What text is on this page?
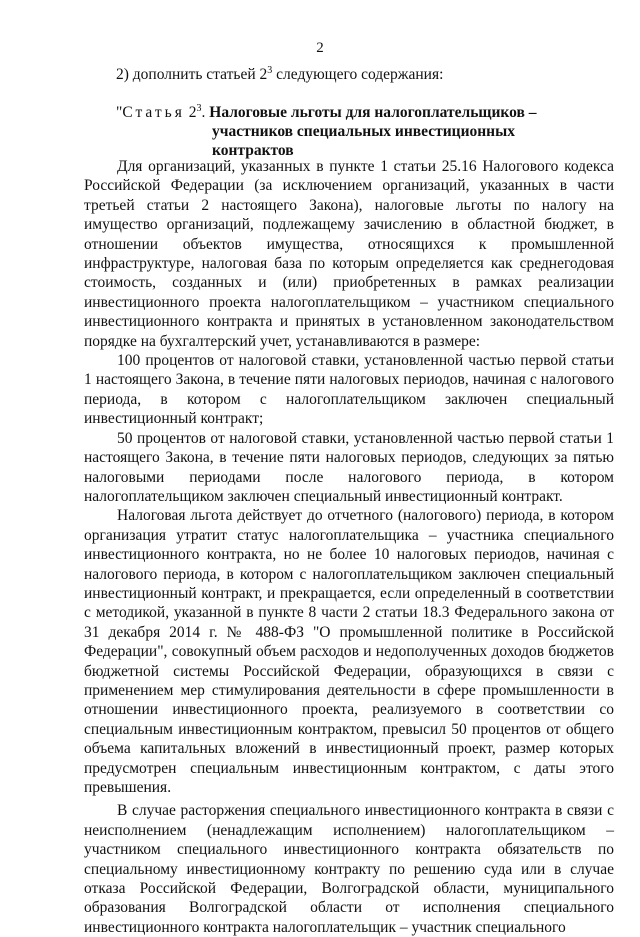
2
2) дополнить статьей $2^3$ следующего содержания:
"Статья $2^3$. Налоговые льготы для налогоплательщиков –
участников специальных инвестиционных контрактов

Для организаций, указанных в пункте 1 статьи 25.16 Налогового кодекса Российской Федерации (за исключением организаций, указанных в части третьей статьи 2 настоящего Закона), налоговые льготы по налогу на имущество организаций, подлежащему зачислению в областной бюджет, в отношении объектов имущества, относящихся к промышленной инфраструктуре, налоговая база по которым определяется как среднегодовая стоимость, созданных и (или) приобретенных в рамках реализации инвестиционного проекта налогоплательщиком – участником специального инвестиционного контракта и принятых в установленном законодательством порядке на бухгалтерский учет, устанавливаются в размере:

100 процентов от налоговой ставки, установленной частью первой статьи 1 настоящего Закона, в течение пяти налоговых периодов, начиная с налогового периода, в котором с налогоплательщиком заключен специальный инвестиционный контракт;

50 процентов от налоговой ставки, установленной частью первой статьи 1 настоящего Закона, в течение пяти налоговых периодов, следующих за пятью налоговыми периодами после налогового периода, в котором налогоплательщиком заключен специальный инвестиционный контракт.

Налоговая льгота действует до отчетного (налогового) периода, в котором организация утратит статус налогоплательщика – участника специального инвестиционного контракта, но не более 10 налоговых периодов, начиная с налогового периода, в котором с налогоплательщиком заключен специальный инвестиционный контракт, и прекращается, если определенный в соответствии с методикой, указанной в пункте 8 части 2 статьи 18.3 Федерального закона от 31 декабря 2014 г. № 488-ФЗ "О промышленной политике в Российской Федерации", совокупный объем расходов и недополученных доходов бюджетов бюджетной системы Российской Федерации, образующихся в связи с применением мер стимулирования деятельности в сфере промышленности в отношении инвестиционного проекта, реализуемого в соответствии со специальным инвестиционным контрактом, превысил 50 процентов от общего объема капитальных вложений в инвестиционный проект, размер которых предусмотрен специальным инвестиционным контрактом, с даты этого превышения.

В случае расторжения специального инвестиционного контракта в связи с неисполнением (ненадлежащим исполнением) налогоплательщиком – участником специального инвестиционного контракта обязательств по специальному инвестиционному контракту по решению суда или в случае отказа Российской Федерации, Волгоградской области, муниципального образования Волгоградской области от исполнения специального инвестиционного контракта налогоплательщик – участник специального
